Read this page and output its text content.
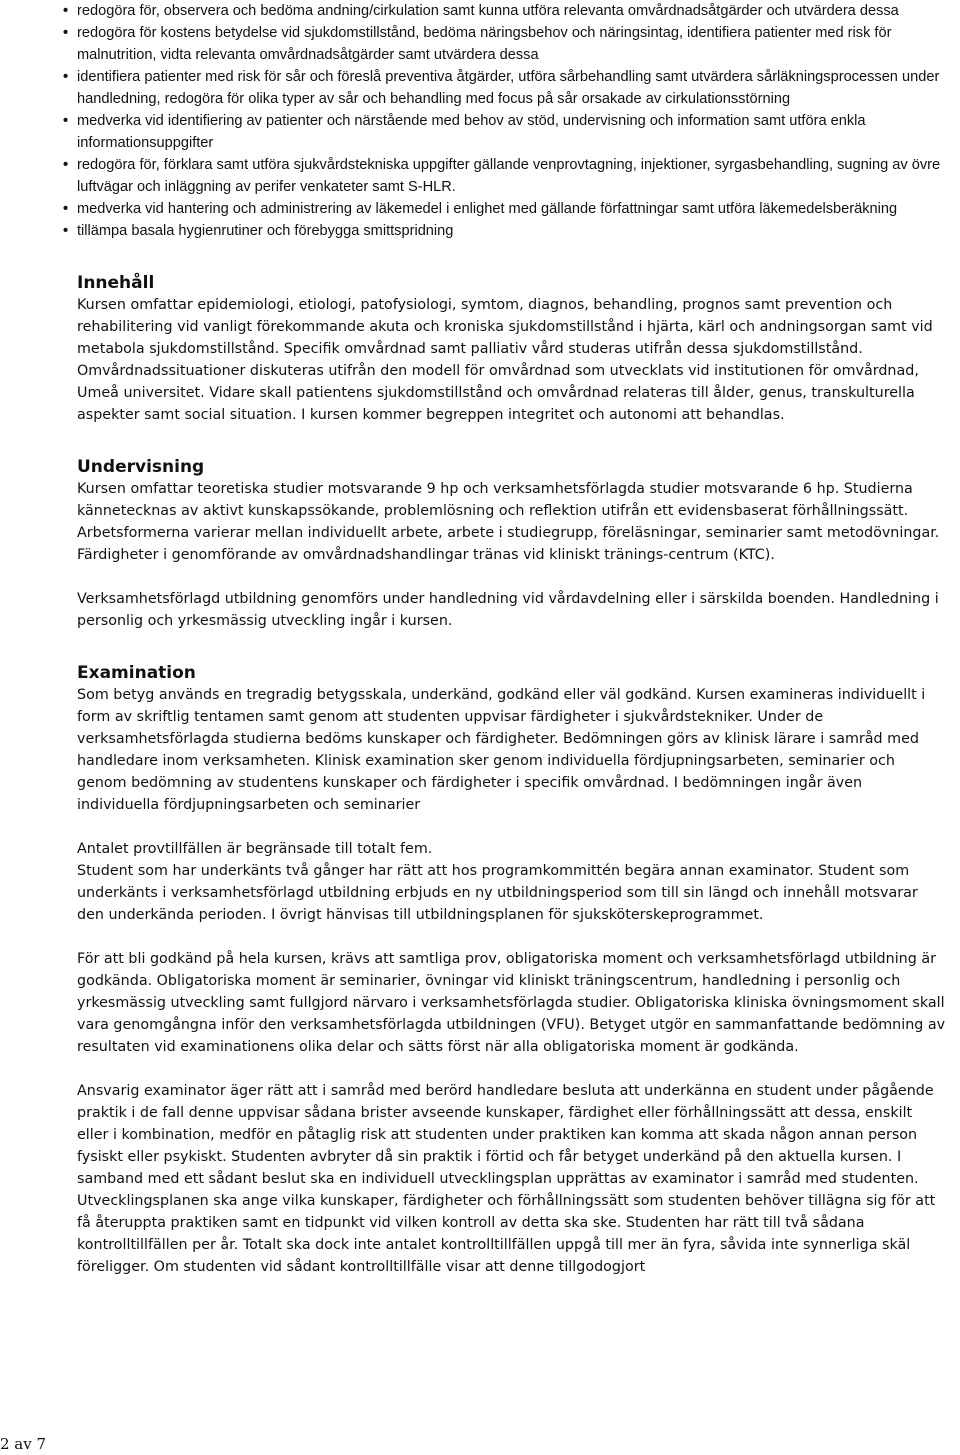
• redogöra för, observera och bedöma andning/cirkulation samt kunna utföra relevanta omvårdnadsåtgärder och utvärdera dessa
• redogöra för kostens betydelse vid sjukdomstillstånd, bedöma näringsbehov och näringsintag, identifiera patienter med risk för malnutrition, vidta relevanta omvårdnadsåtgärder samt utvärdera dessa
• identifiera patienter med risk för sår och föreslå preventiva åtgärder, utföra sårbehandling samt utvärdera sårläkningsprocessen under handledning, redogöra för olika typer av sår och behandling med focus på sår orsakade av cirkulationsstörning
• medverka vid identifiering av patienter och närstående med behov av stöd, undervisning och information samt utföra enkla informationsuppgifter
• redogöra för, förklara samt utföra sjukvårdstekniska uppgifter gällande venprovtagning, injektioner, syrgasbehandling, sugning av övre luftvägar och inläggning av perifer venkateter samt S-HLR.
• medverka vid hantering och administrering av läkemedel i enlighet med gällande författningar samt utföra läkemedelsberäkning
• tillämpa basala hygienrutiner och förebygga smittspridning
Innehåll

Kursen omfattar epidemiologi, etiologi, patofysiologi, symtom, diagnos, behandling, prognos samt prevention och rehabilitering vid vanligt förekommande akuta och kroniska sjukdomstillstånd i hjärta, kärl och andningsorgan samt vid metabola sjukdomstillstånd. Specifik omvårdnad samt palliativ vård studeras utifrån dessa sjukdomstillstånd. Omvårdnadssituationer diskuteras utifrån den modell för omvårdnad som utvecklats vid institutionen för omvårdnad, Umeå universitet. Vidare skall patientens sjukdomstillstånd och omvårdnad relateras till ålder, genus, transkulturella aspekter samt social situation. I kursen kommer begreppen integritet och autonomi att behandlas.

Undervisning

Kursen omfattar teoretiska studier motsvarande 9 hp och verksamhetsförlagda studier motsvarande 6 hp. Studierna kännetecknas av aktivt kunskapssökande, problemlösning och reflektion utifrån ett evidensbaserat förhållningssätt. Arbetsformerna varierar mellan individuellt arbete, arbete i studiegrupp, föreläsningar, seminarier samt metodövningar. Färdigheter i genomförande av omvårdnadshandlingar tränas vid kliniskt tränings-centrum (KTC).

Verksamhetsförlagd utbildning genomförs under handledning vid vårdavdelning eller i särskilda boenden. Handledning i personlig och yrkesmässig utveckling ingår i kursen.

Examination

Som betyg används en tregradig betygsskala, underkänd, godkänd eller väl godkänd. Kursen examineras individuellt i form av skriftlig tentamen samt genom att studenten uppvisar färdigheter i sjukvårdstekniker. Under de verksamhetsförlagda studierna bedöms kunskaper och färdigheter. Bedömningen görs av klinisk lärare i samråd med handledare inom verksamheten. Klinisk examination sker genom individuella fördjupningsarbeten, seminarier och genom bedömning av studentens kunskaper och färdigheter i specifik omvårdnad. I bedömningen ingår även individuella fördjupningsarbeten och seminarier

Antalet provtillfällen är begränsade till totalt fem.

Student som har underkänts två gånger har rätt att hos programkommittén begära annan examinator. Student som underkänts i verksamhetsförlagd utbildning erbjuds en ny utbildningsperiod som till sin längd och innehåll motsvarar den underkända perioden. I övrigt hänvisas till utbildningsplanen för sjuksköterskeprogrammet.

För att bli godkänd på hela kursen, krävs att samtliga prov, obligatoriska moment och verksamhetsförlagd utbildning är godkända. Obligatoriska moment är seminarier, övningar vid kliniskt träningscentrum, handledning i personlig och yrkesmässig utveckling samt fullgjord närvaro i verksamhetsförlagda studier. Obligatoriska kliniska övningsmoment skall vara genomgångna inför den verksamhetsförlagda utbildningen (VFU). Betyget utgör en sammanfattande bedömning av resultaten vid examinationens olika delar och sätts först när alla obligatoriska moment är godkända.

Ansvarig examinator äger rätt att i samråd med berörd handledare besluta att underkänna en student under pågående praktik i de fall denne uppvisar sådana brister avseende kunskaper, färdighet eller förhållningssätt att dessa, enskilt eller i kombination, medför en påtaglig risk att studenten under praktiken kan komma att skada någon annan person fysiskt eller psykiskt. Studenten avbryter då sin praktik i förtid och får betyget underkänd på den aktuella kursen. I samband med ett sådant beslut ska en individuell utvecklingsplan upprättas av examinator i samråd med studenten. Utvecklingsplanen ska ange vilka kunskaper, färdigheter och förhållningssätt som studenten behöver tillägna sig för att få återuppta praktiken samt en tidpunkt vid vilken kontroll av detta ska ske. Studenten har rätt till två sådana kontrolltillfällen per år. Totalt ska dock inte antalet kontrolltillfällen uppgå till mer än fyra, såvida inte synnerliga skäl föreligger. Om studenten vid sådant kontrolltillfälle visar att denne tillgodogjort

2 av 7
